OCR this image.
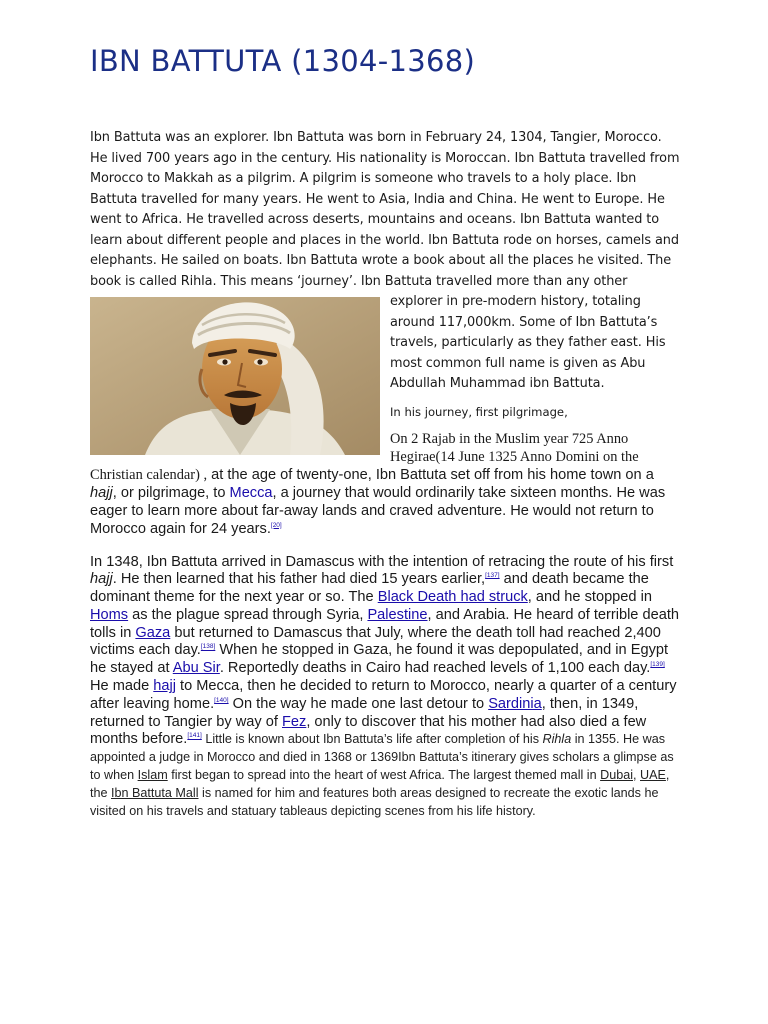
IBN BATTUTA (1304-1368)

Ibn Battuta was an explorer. Ibn Battuta was born in February 24, 1304, Tangier, Morocco. He lived 700 years ago in the century. His nationality is Moroccan. Ibn Battuta travelled from Morocco to Makkah as a pilgrim. A pilgrim is someone who travels to a holy place. Ibn Battuta travelled for many years. He went to Asia, India and China. He went to Europe. He went to Africa. He travelled across deserts, mountains and oceans. Ibn Battuta wanted to learn about different people and places in the world. Ibn Battuta rode on horses, camels and elephants. He sailed on boats. Ibn Battuta wrote a book about all the places he visited. The book is called Rihla. This means ‘journey’. Ibn Battuta travelled more than any other explorer in pre-modern
history, totaling around 117,000km. Some of Ibn Battuta’s travels, particularly as they father east. His most common full name is given as Abu Abdullah Muhammad ibn Battuta.

In his journey, first pilgrimage,

On 2 Rajab in the Muslim year 725 Anno Hegirae(14 June 1325 Anno Domini on the Christian calendar) , at the age of twenty-one, Ibn Battuta set off from his home town on a hajj, or pilgrimage, to Mecca, a journey that would ordinarily take sixteen months. He was eager to learn more about far-away lands and craved adventure. He would not return to Morocco again for 24 years.[20]

In 1348, Ibn Battuta arrived in Damascus with the intention of retracing the route of his first hajj. He then learned that his father had died 15 years earlier,[137] and death became the dominant theme for the next year or so. The Black Death had struck, and he stopped in Homs as the plague spread through Syria, Palestine, and Arabia. He heard of terrible death tolls in Gaza but returned to Damascus that July, where the death toll had reached 2,400 victims each day.[138] When he stopped in Gaza, he found it was depopulated, and in Egypt he stayed at Abu Sir. Reportedly deaths in Cairo had reached levels of 1,100 each day.[139] He made hajj to Mecca, then he decided to return to Morocco, nearly a quarter of a century after leaving home.[140] On the way he made one last detour to Sardinia, then, in 1349, returned to Tangier by way of Fez, only to discover that his mother had also died a few months before.[141] Little is known about Ibn Battuta’s life after completion of his Rihla in 1355. He was appointed a judge in Morocco and died in 1368 or 1369Ibn Battuta’s itinerary gives scholars a glimpse as to when Islam first began to spread into the heart of west Africa. The largest themed mall in Dubai, UAE, the Ibn Battuta Mall is named for him and features both areas designed to recreate the exotic lands he visited on his travels and statuary tableaus depicting scenes from his life history.
